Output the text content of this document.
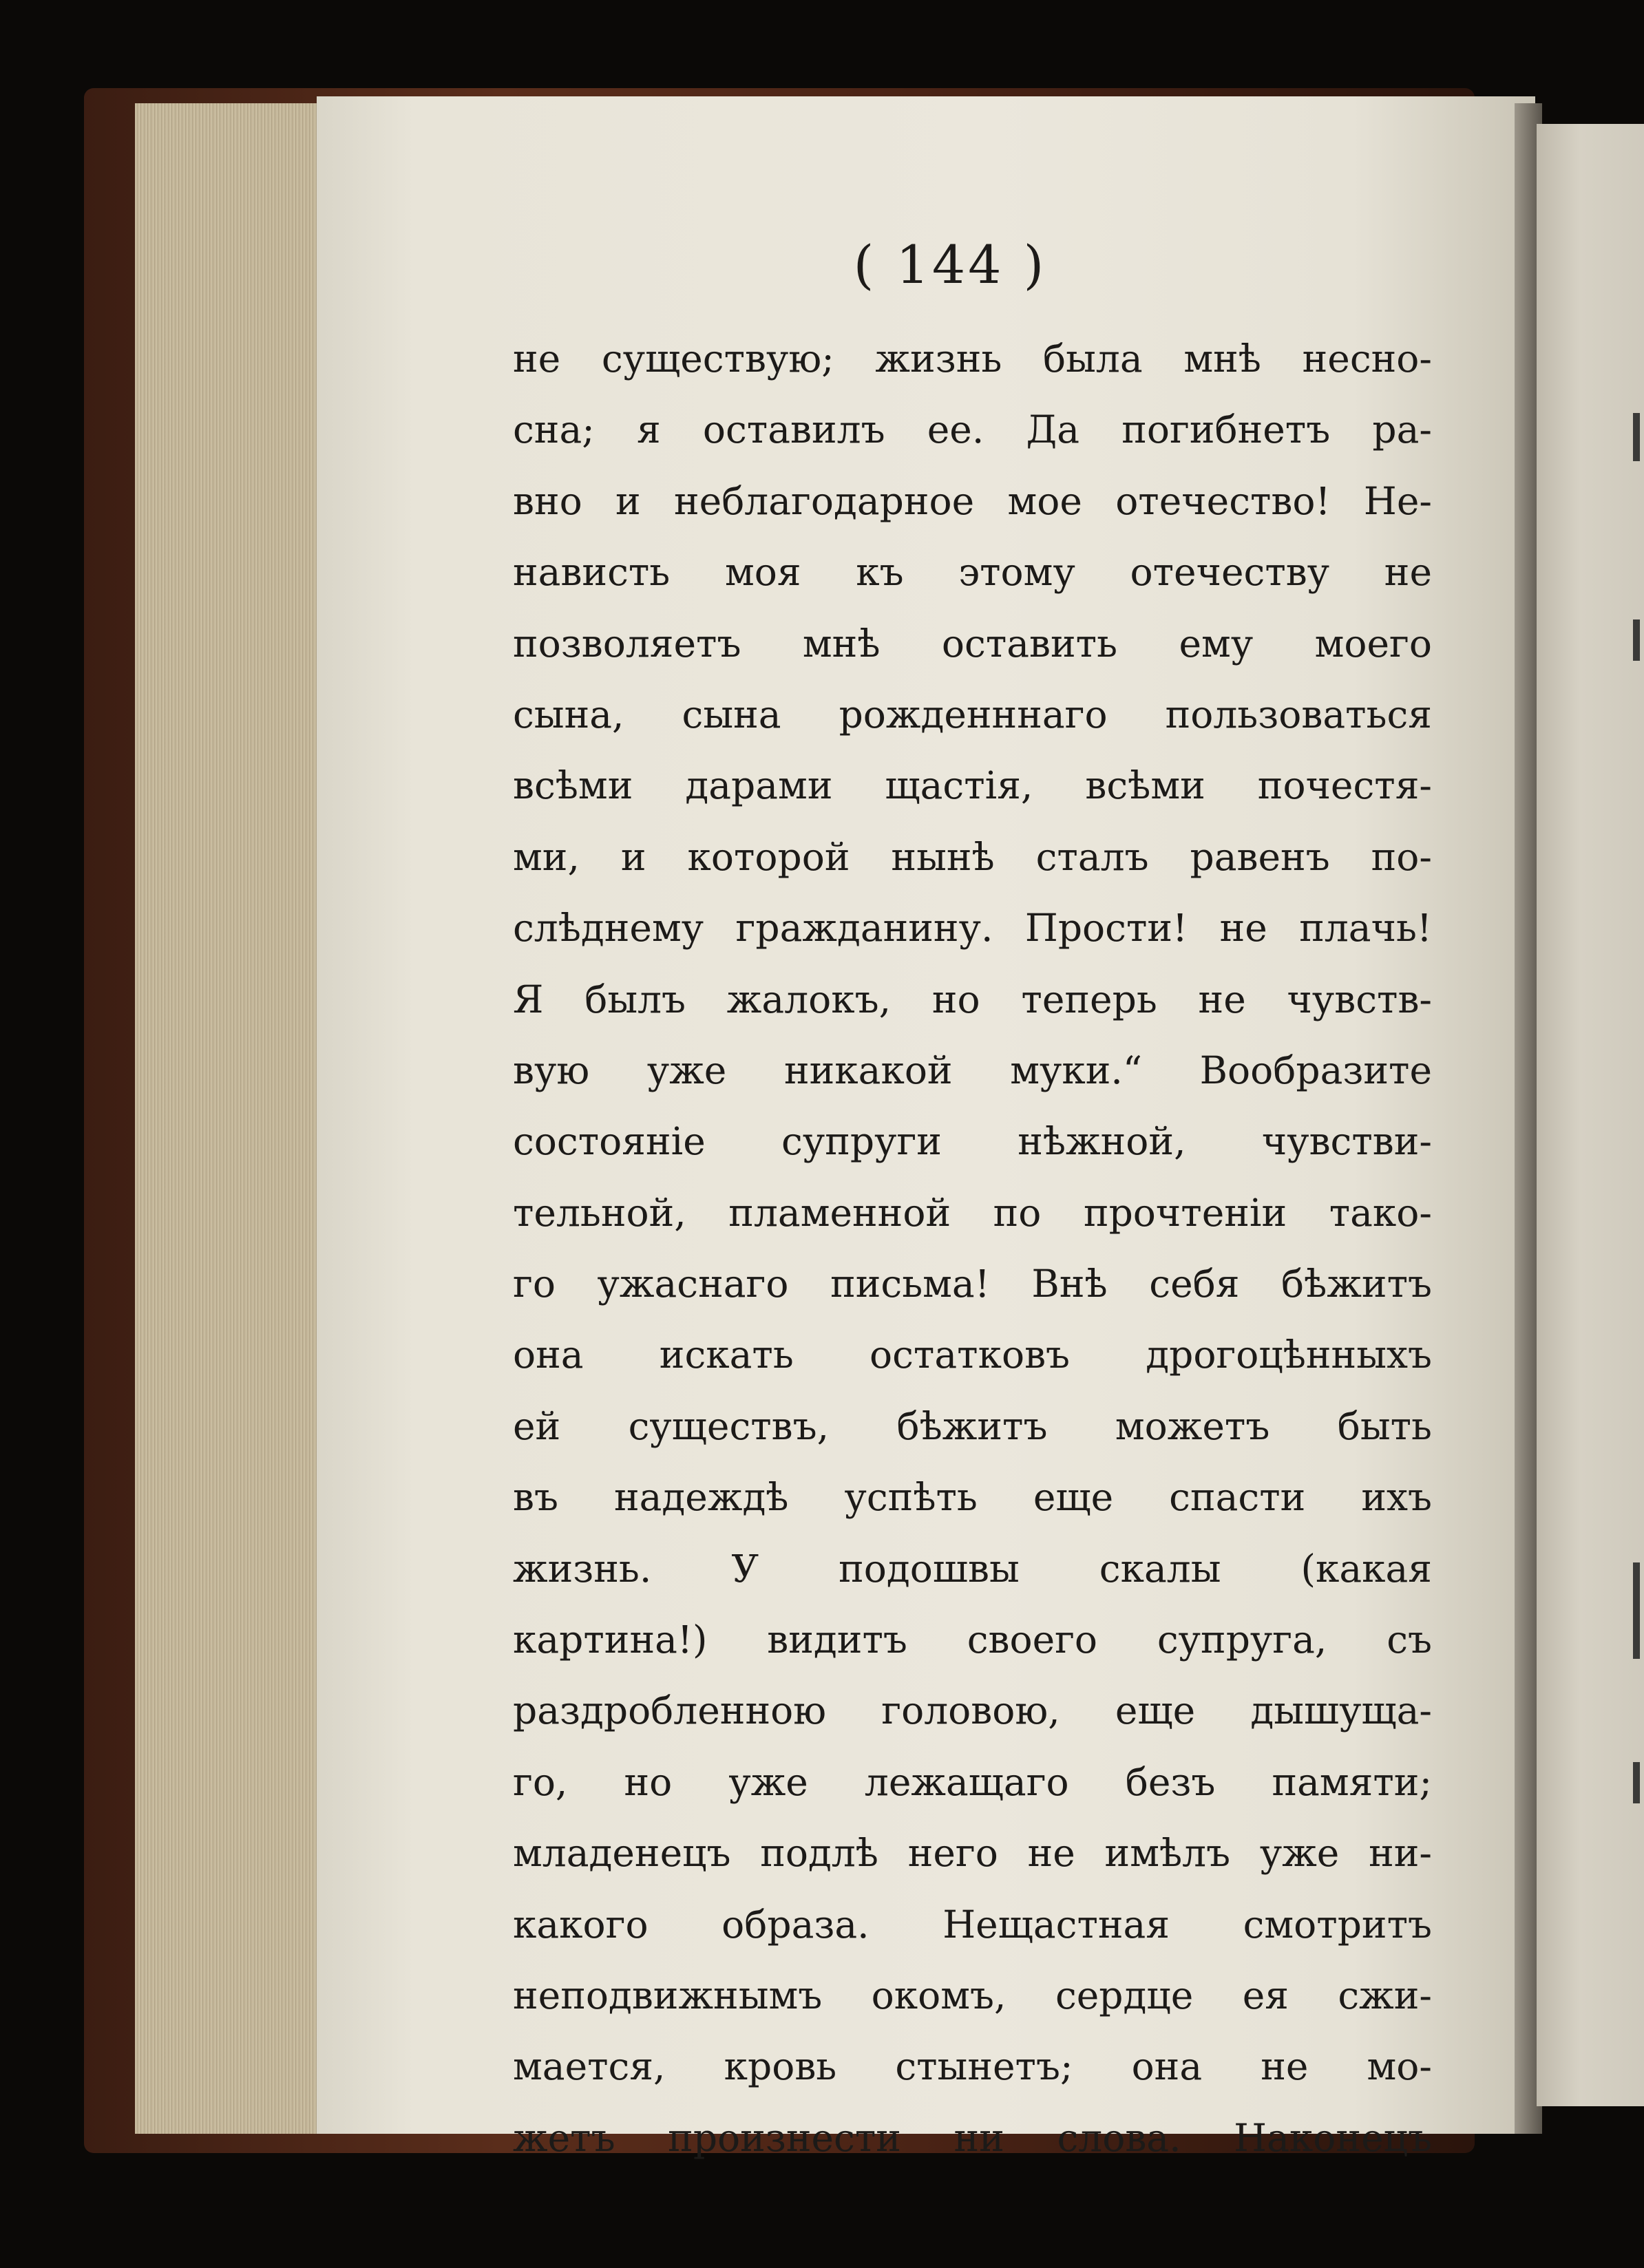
( 144 )
не существую; жизнь была мнѣ несно-
сна; я оставилъ ее. Да погибнетъ ра-
вно и неблагодарное мое отечество! Не-
нависть моя къ этому отечеству не
позволяетъ мнѣ оставить ему моего
сына, сына рожденннаго пользоваться
всѣми дарами щастія, всѣми почестя-
ми, и которой нынѣ сталъ равенъ по-
слѣднему гражданину. Прости! не плачь!
Я былъ жалокъ, но теперь не чувств-
вую уже никакой муки.“ Вообразите
состояніе супруги нѣжной, чувстви-
тельной, пламенной по прочтеніи тако-
го ужаснаго письма! Внѣ себя бѣжитъ
она искать остатковъ дрогоцѣнныхъ
ей существъ, бѣжитъ можетъ быть
въ надеждѣ успѣть еще спасти ихъ
жизнь. У подошвы скалы (какая
картина!) видитъ своего супруга, съ
раздробленною головою, еще дышуща-
го, но уже лежащаго безъ памяти;
младенецъ подлѣ него не имѣлъ уже ни-
какого образа. Нещастная смотритъ
неподвижнымъ окомъ, сердце ея сжи-
мается, кровь стынетъ; она не мо-
жетъ произнести ни слова. Наконецъ
